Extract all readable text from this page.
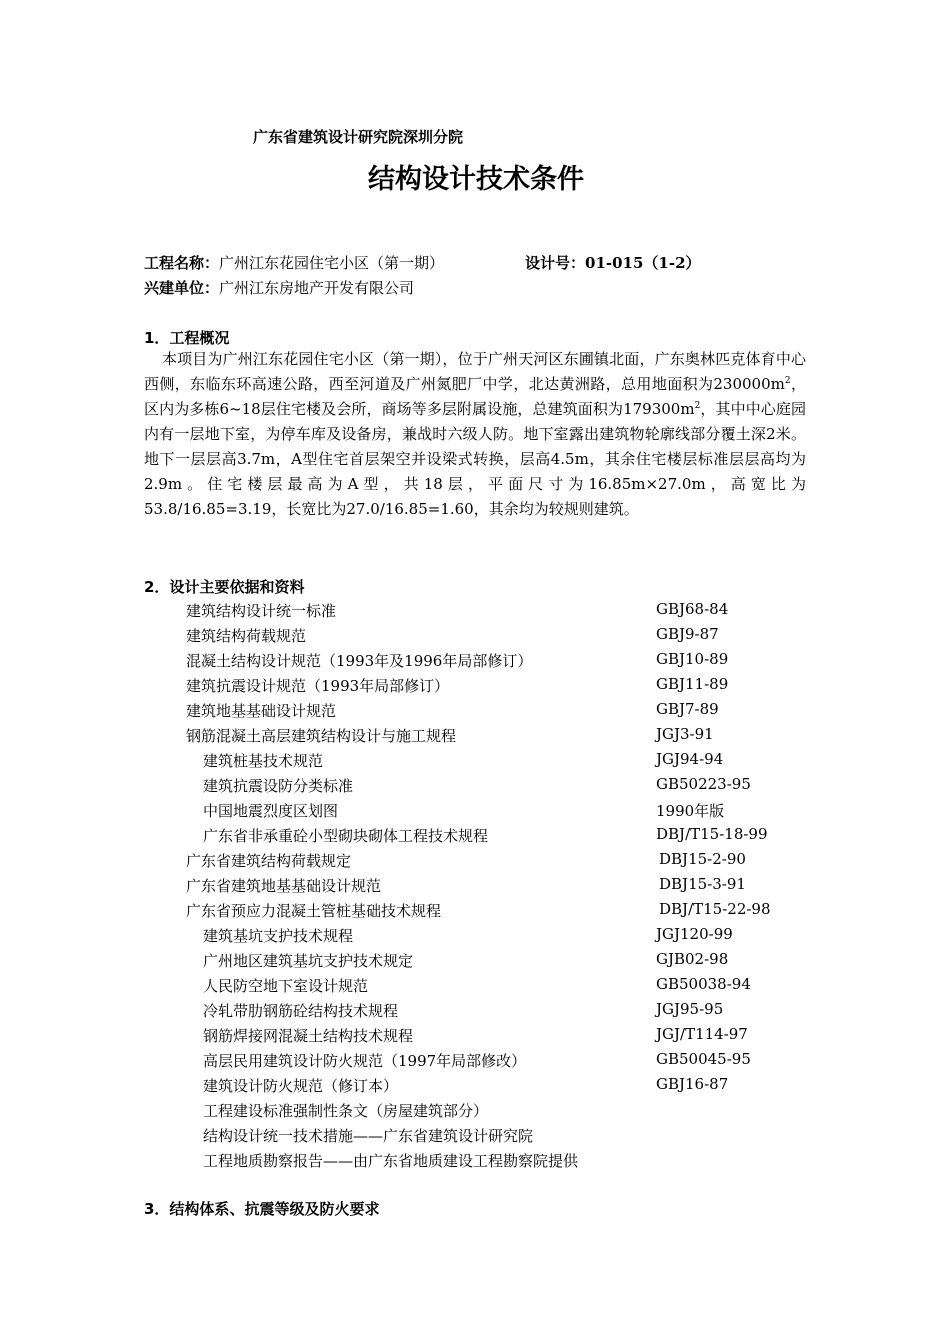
广东省建筑设计研究院深圳分院
结构设计技术条件
工程名称：广州江东花园住宅小区（第一期）	设计号：01-015（1-2）
兴建单位：广州江东房地产开发有限公司
1．工程概况
本项目为广州江东花园住宅小区（第一期），位于广州天河区东圃镇北面，广东奥林匹克体育中心西侧，东临东环高速公路，西至河道及广州氮肥厂中学，北达黄洲路，总用地面积为$230000m^2$，区内为多栋6~18层住宅楼及会所，商场等多层附属设施，总建筑面积为$179300m^2$，其中中心庭园内有一层地下室，为停车库及设备房，兼战时六级人防。地下室露出建筑物轮廓线部分覆土深2米。地下一层层高3.7m，A型住宅首层架空并设梁式转换，层高4.5m，其余住宅楼层标准层层高均为2.9m。住宅楼层最高为A型，共18层，平面尺寸为16.85m×27.0m，高宽比为53.8/16.85=3.19，长宽比为27.0/16.85=1.60，其余均为较规则建筑。
2．设计主要依据和资料
建筑结构设计统一标准	GBJ68-84
建筑结构荷载规范	GBJ9-87
混凝土结构设计规范（1993年及1996年局部修订）	GBJ10-89
建筑抗震设计规范（1993年局部修订）	GBJ11-89
建筑地基基础设计规范	GBJ7-89
钢筋混凝土高层建筑结构设计与施工规程	JGJ3-91
建筑桩基技术规范	JGJ94-94
建筑抗震设防分类标准	GB50223-95
中国地震烈度区划图	1990年版
广东省非承重砼小型砌块砌体工程技术规程	DBJ/T15-18-99
广东省建筑结构荷载规定	DBJ15-2-90
广东省建筑地基基础设计规范	DBJ15-3-91
广东省预应力混凝土管桩基础技术规程	DBJ/T15-22-98
建筑基坑支护技术规程	JGJ120-99
广州地区建筑基坑支护技术规定	GJB02-98
人民防空地下室设计规范	GB50038-94
冷轧带肋钢筋砼结构技术规程	JGJ95-95
钢筋焊接网混凝土结构技术规程	JGJ/T114-97
高层民用建筑设计防火规范（1997年局部修改）	GB50045-95
建筑设计防火规范（修订本）	GBJ16-87
工程建设标准强制性条文（房屋建筑部分）
结构设计统一技术措施——广东省建筑设计研究院
工程地质勘察报告——由广东省地质建设工程勘察院提供
3．结构体系、抗震等级及防火要求
